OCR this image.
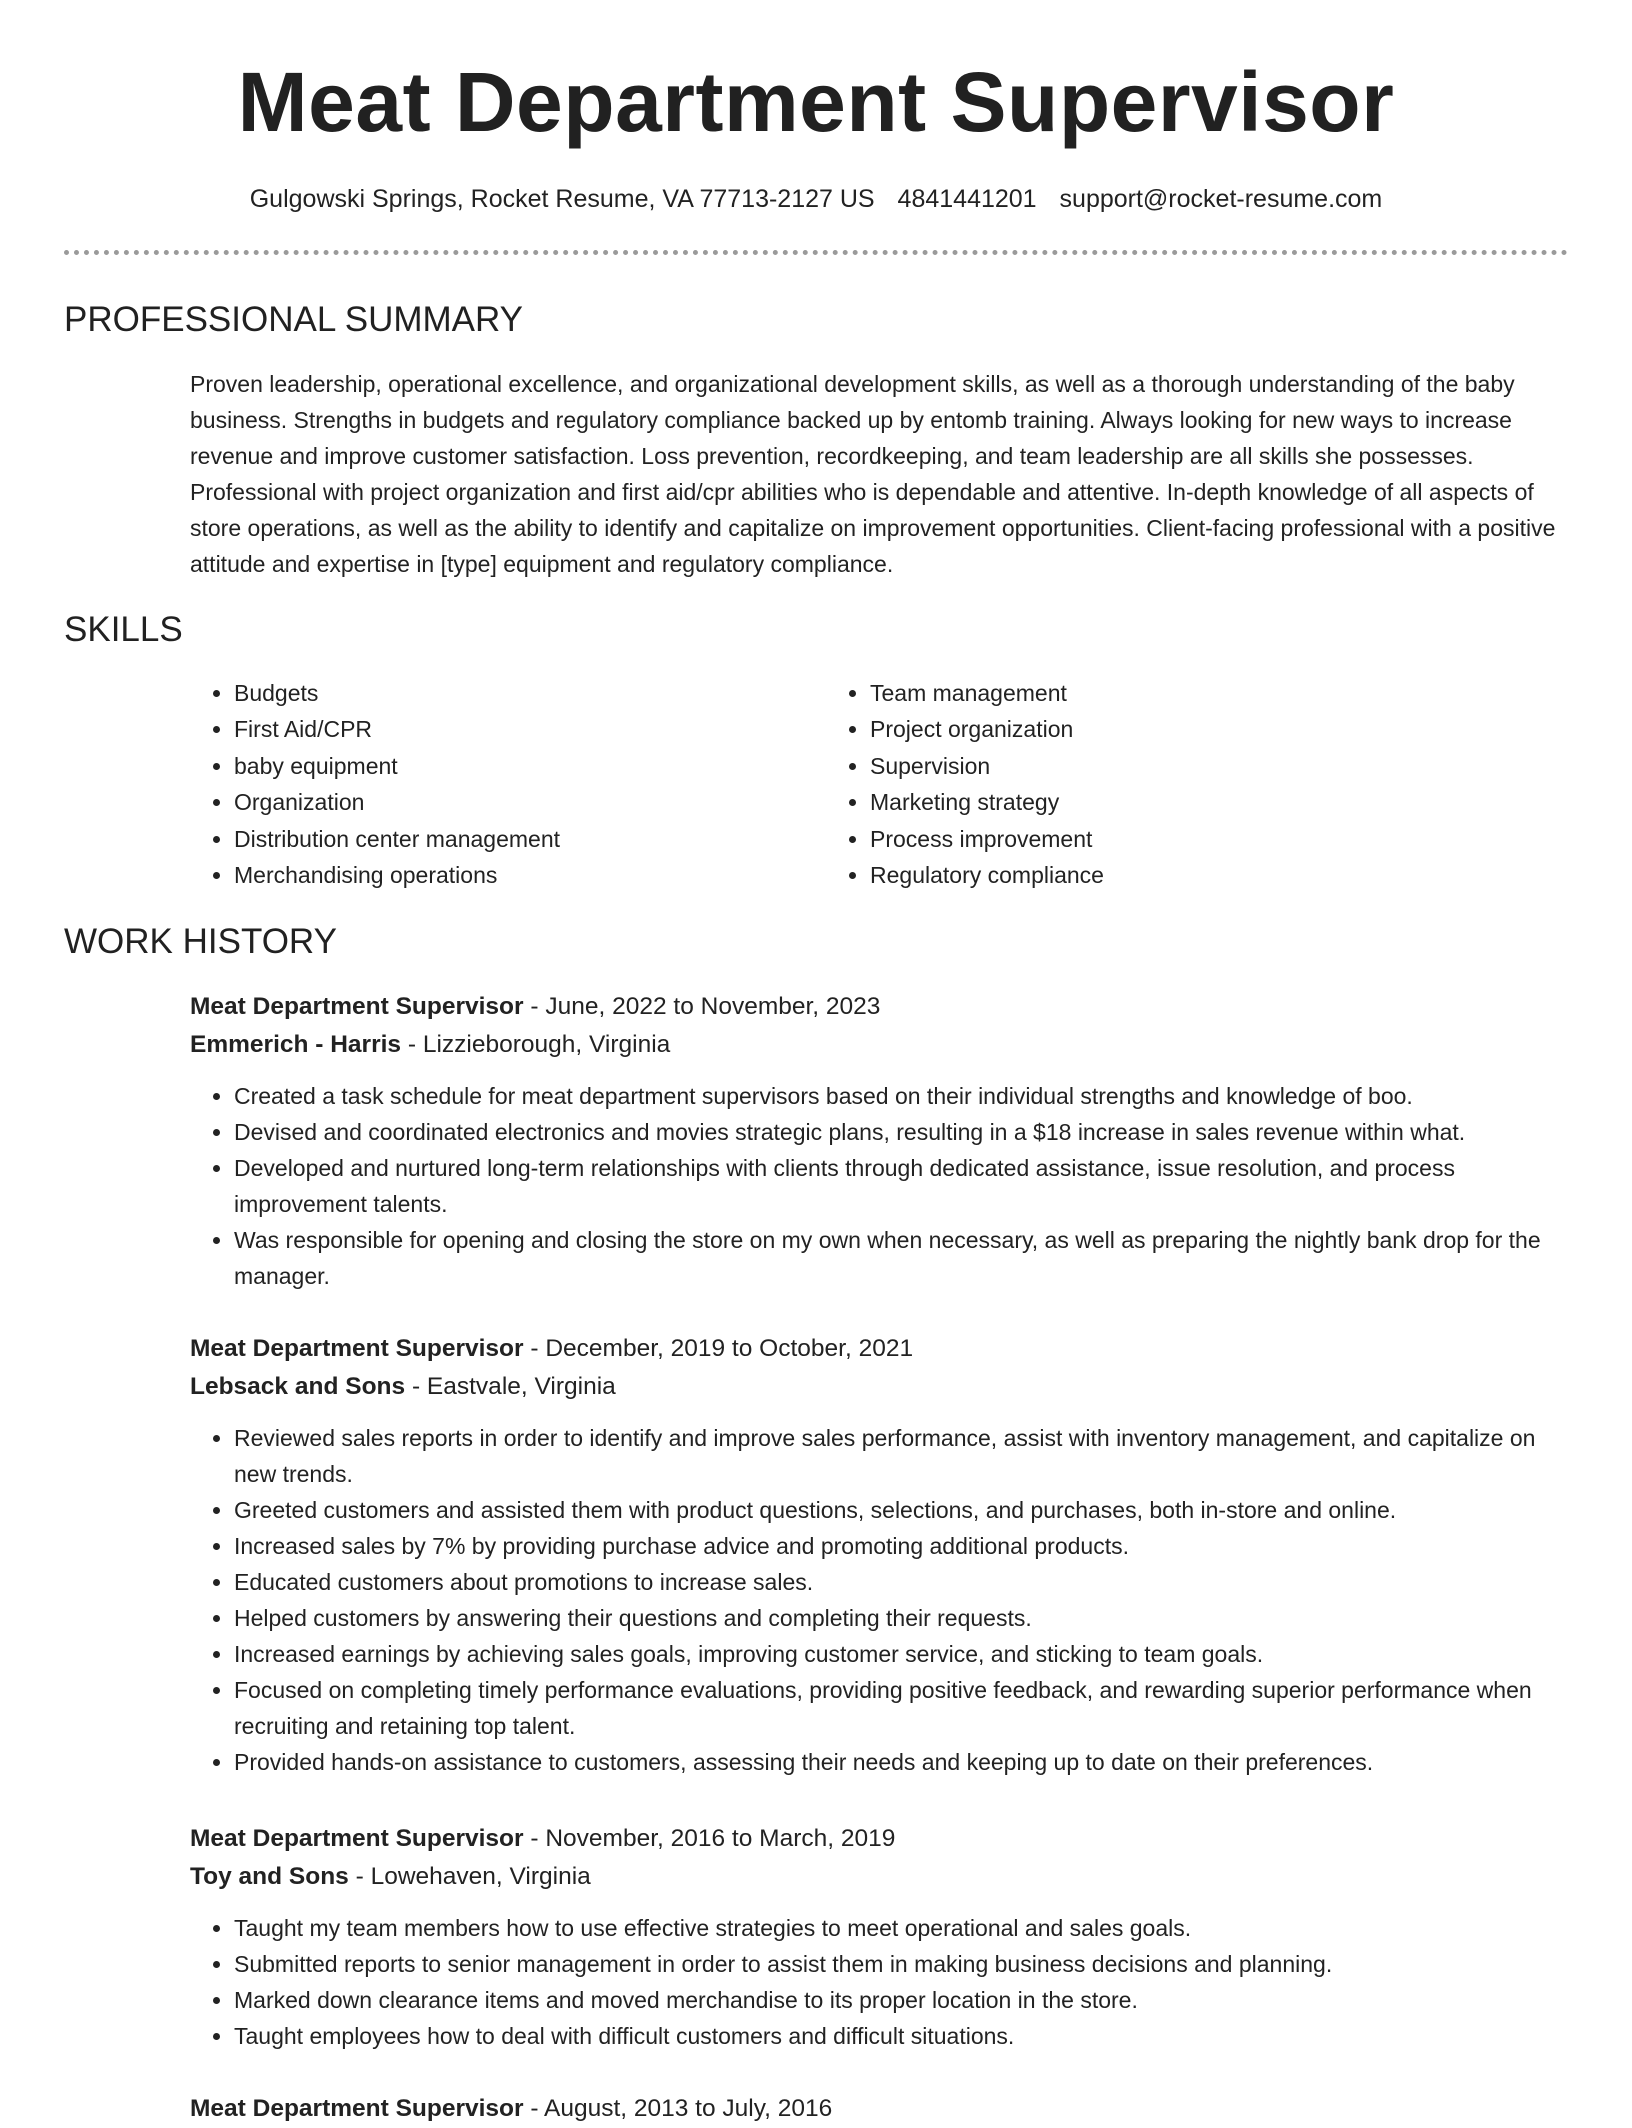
Meat Department Supervisor
Gulgowski Springs, Rocket Resume, VA 77713-2127 US 4841441201 support@rocket-resume.com
PROFESSIONAL SUMMARY

Proven leadership, operational excellence, and organizational development skills, as well as a thorough understanding of the baby business. Strengths in budgets and regulatory compliance backed up by entomb training. Always looking for new ways to increase revenue and improve customer satisfaction. Loss prevention, recordkeeping, and team leadership are all skills she possesses. Professional with project organization and first aid/cpr abilities who is dependable and attentive. In-depth knowledge of all aspects of store operations, as well as the ability to identify and capitalize on improvement opportunities. Client-facing professional with a positive attitude and expertise in [type] equipment and regulatory compliance.

SKILLS
• Budgets
• First Aid/CPR
• baby equipment
• Organization
• Distribution center management
• Merchandising operations
• Team management
• Project organization
• Supervision
• Marketing strategy
• Process improvement
• Regulatory compliance
WORK HISTORY

Meat Department Supervisor - June, 2022 to November, 2023

Emmerich - Harris - Lizzieborough, Virginia

• Created a task schedule for meat department supervisors based on their individual strengths and knowledge of boo.
• Devised and coordinated electronics and movies strategic plans, resulting in a $18 increase in sales revenue within what.
• Developed and nurtured long-term relationships with clients through dedicated assistance, issue resolution, and process improvement talents.
• Was responsible for opening and closing the store on my own when necessary, as well as preparing the nightly bank drop for the manager.

Meat Department Supervisor - December, 2019 to October, 2021

Lebsack and Sons - Eastvale, Virginia

• Reviewed sales reports in order to identify and improve sales performance, assist with inventory management, and capitalize on new trends.
• Greeted customers and assisted them with product questions, selections, and purchases, both in-store and online.
• Increased sales by 7% by providing purchase advice and promoting additional products.
• Educated customers about promotions to increase sales.
• Helped customers by answering their questions and completing their requests.
• Increased earnings by achieving sales goals, improving customer service, and sticking to team goals.
• Focused on completing timely performance evaluations, providing positive feedback, and rewarding superior performance when recruiting and retaining top talent.
• Provided hands-on assistance to customers, assessing their needs and keeping up to date on their preferences.

Meat Department Supervisor - November, 2016 to March, 2019

Toy and Sons - Lowehaven, Virginia

• Taught my team members how to use effective strategies to meet operational and sales goals.
• Submitted reports to senior management in order to assist them in making business decisions and planning.
• Marked down clearance items and moved merchandise to its proper location in the store.
• Taught employees how to deal with difficult customers and difficult situations.

Meat Department Supervisor - August, 2013 to July, 2016
